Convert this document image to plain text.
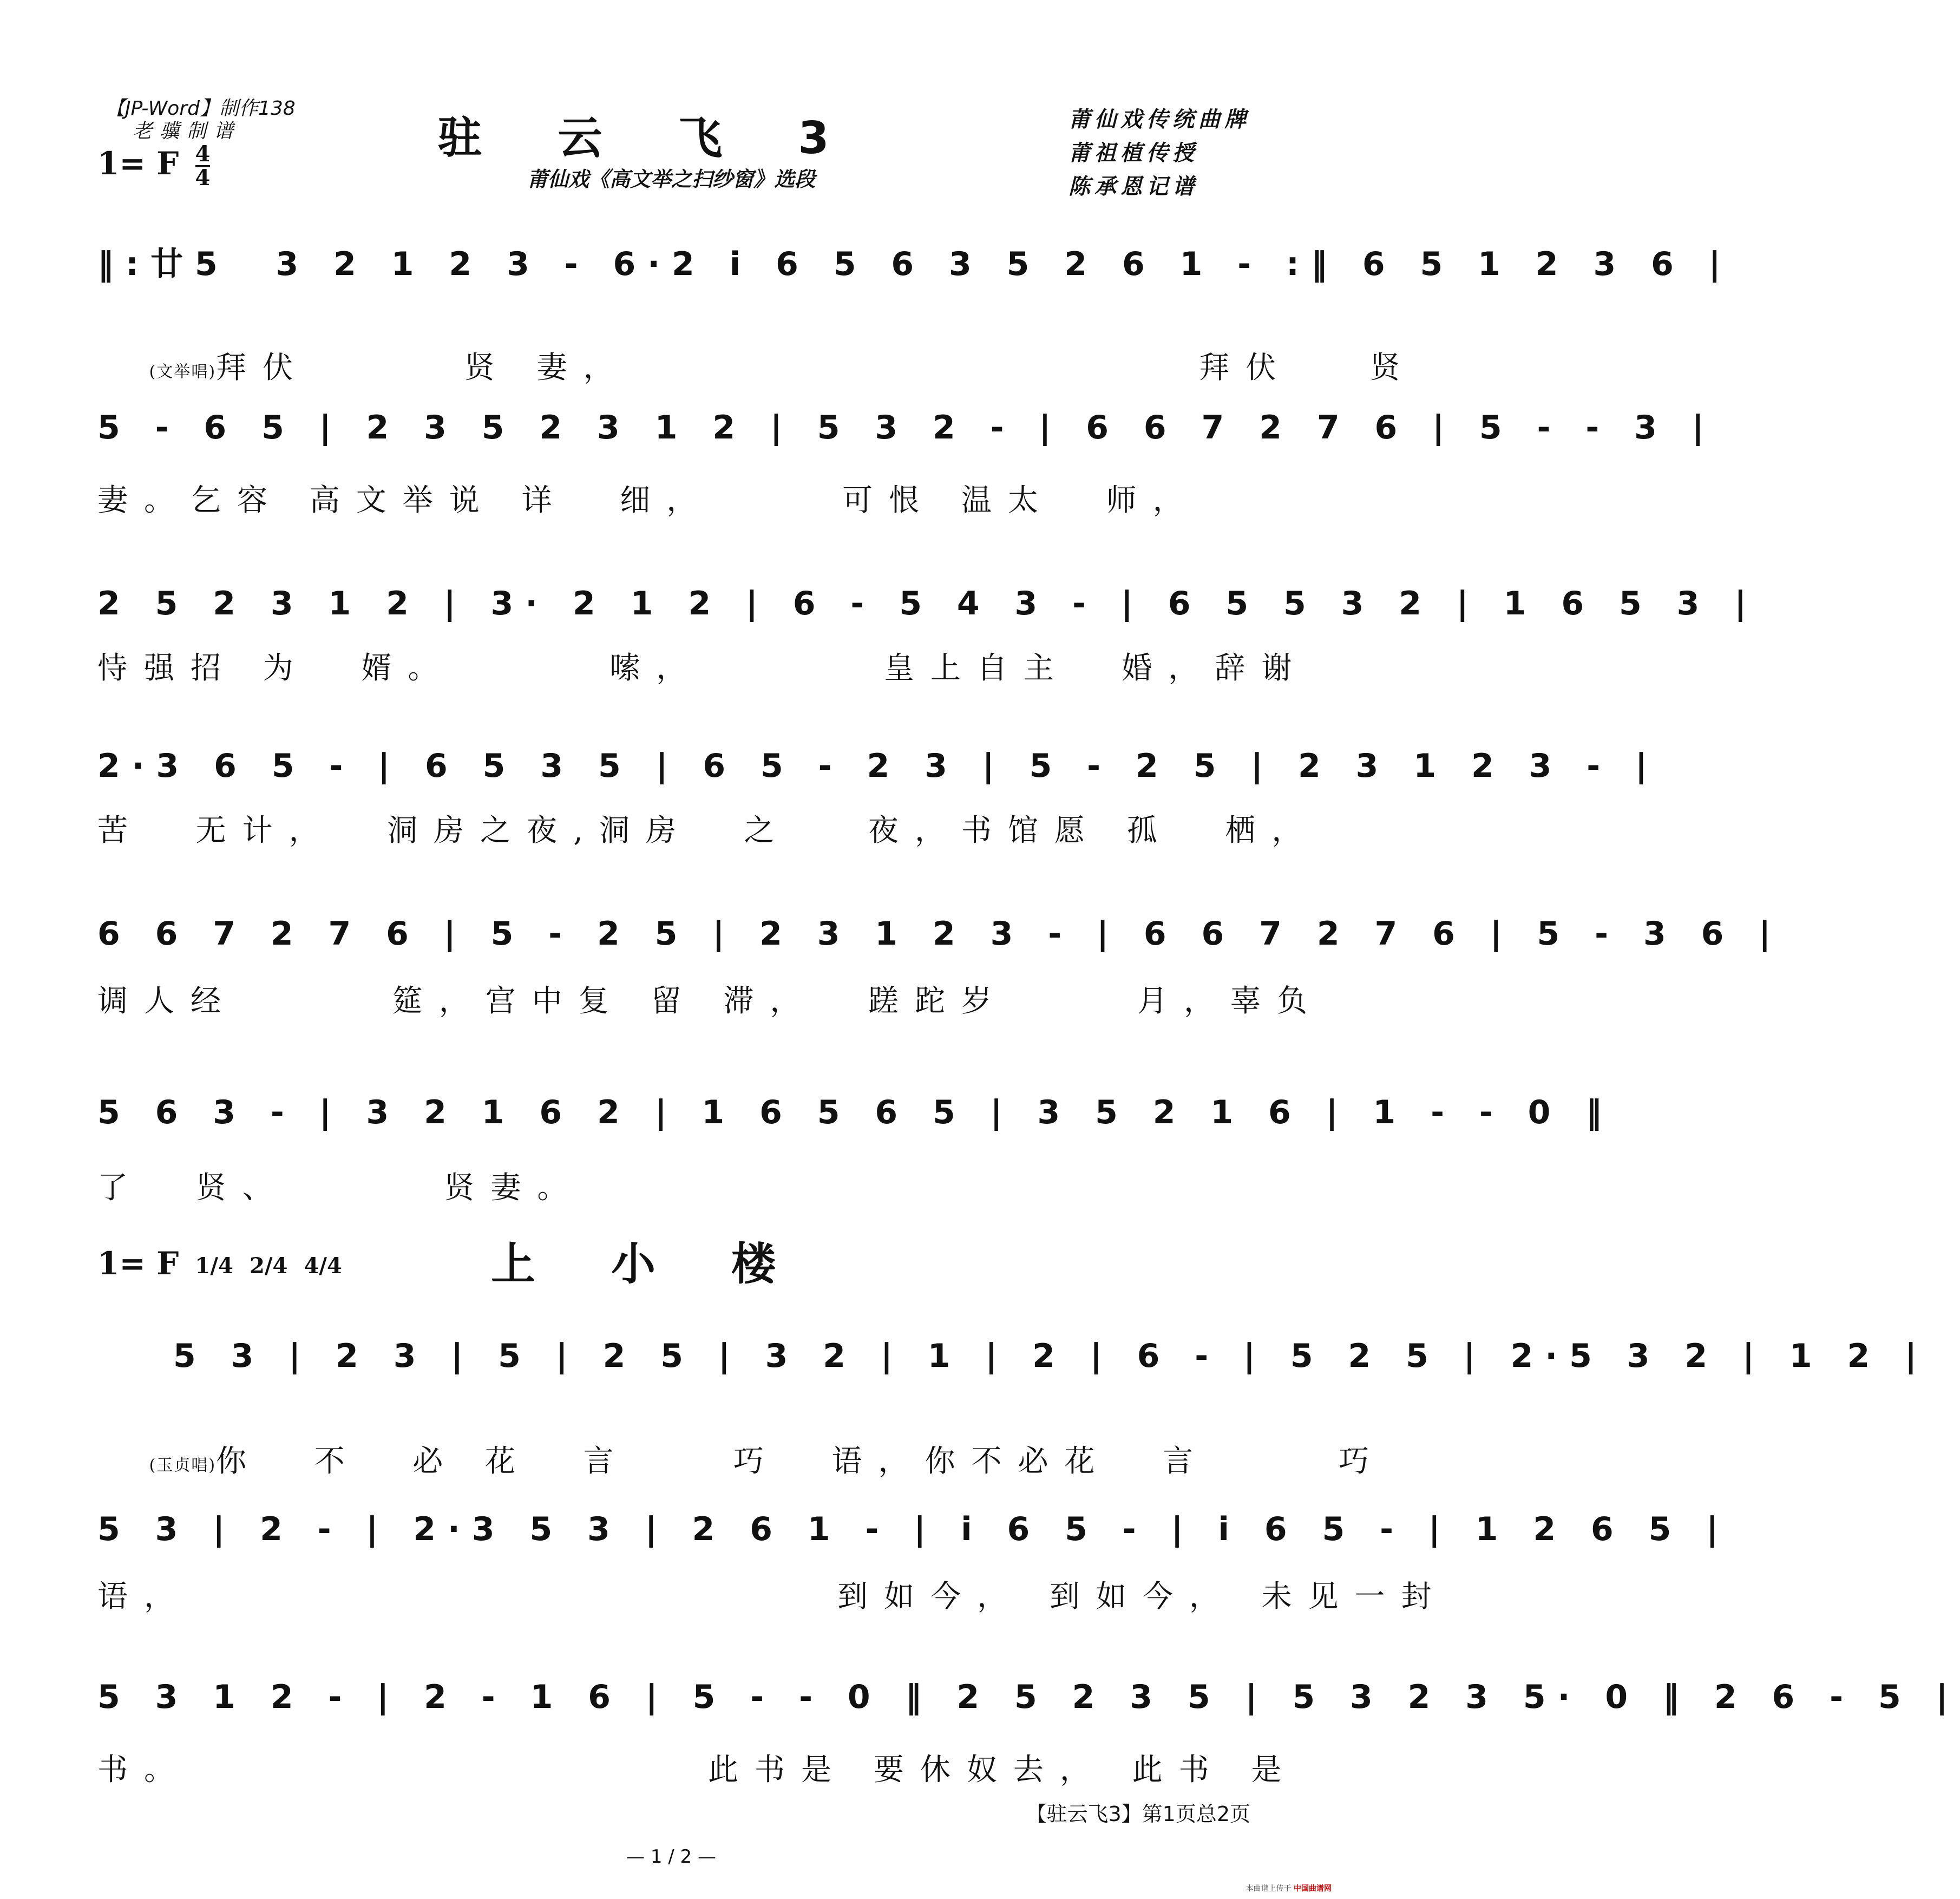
【JP-Word】制作138
老骥制谱
1= F $\frac{4}{4}$
驻云飞3
莆仙戏《高文举之扫纱窗》选段
莆仙戏传统曲牌
莆祖植传授
陈承恩记谱
‖:廿5  3 2 1 2 3 - 6·2 i 6 5 6 3 5 2 6 1 - :‖ 6 5 1 2 3 6 |

(文举唱)拜伏      贤 妻，                      拜伏   贤

5 - 6 5 | 2 3 5 2 3 1 2 | 5 3 2 - | 6 6 7 2 7 6 | 5 - - 3 |
妻。乞容 高文举说 详  细，     可恨 温太  师，
2 5 2 3 1 2 | 3· 2 1 2 | 6 - 5 4 3 - | 6 5 5 3 2 | 1 6 5 3 |
恃强招 为  婿。      嗦，       皇上自主  婚，辞谢
2·3 6 5 - | 6 5 3 5 | 6 5 - 2 3 | 5 - 2 5 | 2 3 1 2 3 - |
苦  无计，  洞房之夜,洞房  之   夜，书馆愿 孤  栖，
6 6 7 2 7 6 | 5 - 2 5 | 2 3 1 2 3 - | 6 6 7 2 7 6 | 5 - 3 6 |
调人经      筵，宫中复 留 滞，  蹉跎岁     月，辜负
5 6 3 - | 3 2 1 6 2 | 1 6 5 6 5 | 3 5 2 1 6 | 1 - - 0 ‖
了  贤、      贤妻。
1= F 1/4
2/4
4/4	上小楼
5 3 | 2 3 | 5 | 2 5 | 3 2 | 1 | 2 | 6 - | 5 2 5 | 2·5 3 2 | 1 2 |

(玉贞唱)你  不  必 花  言    巧  语，你不必花  言     巧

5 3 | 2 - | 2·3 5 3 | 2 6 1 - | i 6 5 - | i 6 5 - | 1 2 6 5 |
语，                         到如今， 到如今， 未见一封
5 3 1 2 - | 2 - 1 6 | 5 - - 0 ‖ 2 5 2 3 5 | 5 3 2 3 5· 0 ‖ 2 6 - 5 |
书。                    此书是 要休奴去， 此书 是
【驻云飞3】第1页总2页
— 1 / 2 —
本曲谱上传于 中国曲谱网
